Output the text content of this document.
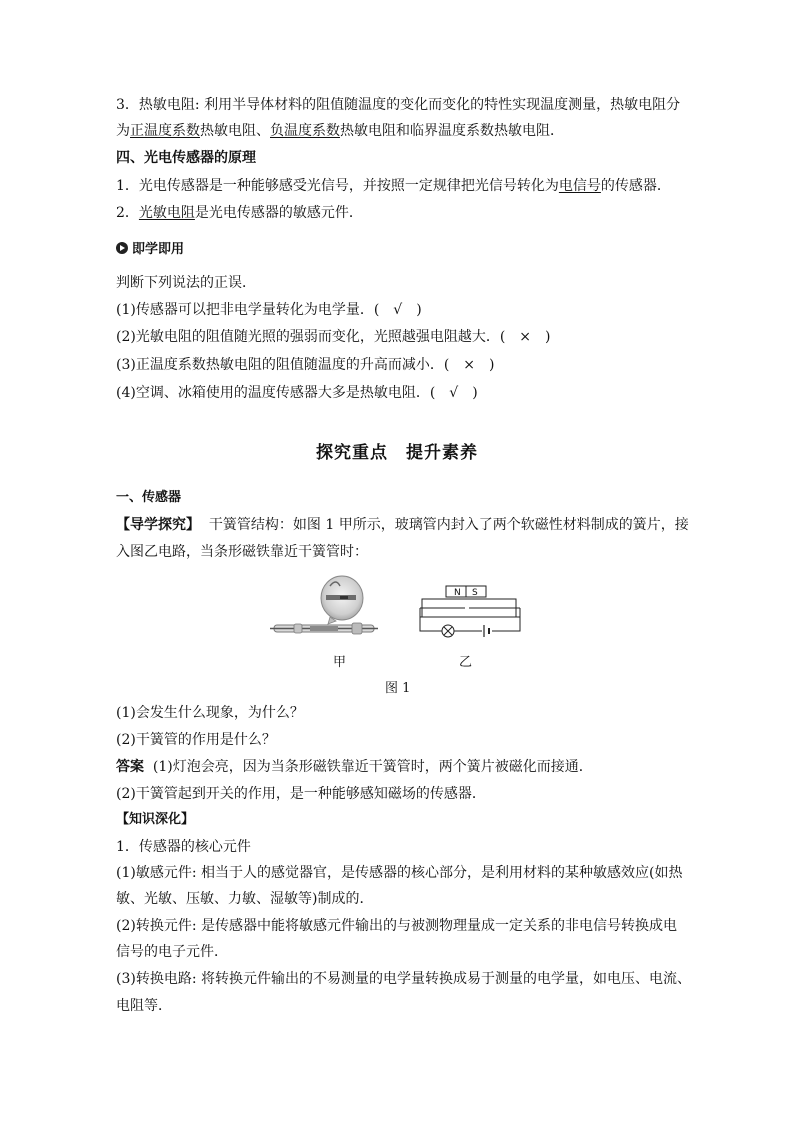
3．热敏电阻: 利用半导体材料的阻值随温度的变化而变化的特性实现温度测量，热敏电阻分
为正温度系数热敏电阻、负温度系数热敏电阻和临界温度系数热敏电阻．
四、光电传感器的原理
1．光电传感器是一种能够感受光信号，并按照一定规律把光信号转化为电信号的传感器．
2．光敏电阻是光电传感器的敏感元件．
即学即用
判断下列说法的正误．
(1)传感器可以把非电学量转化为电学量．( √ )
(2)光敏电阻的阻值随光照的强弱而变化，光照越强电阻越大．( × )
(3)正温度系数热敏电阻的阻值随温度的升高而减小．( × )
(4)空调、冰箱使用的温度传感器大多是热敏电阻．( √ )
探究重点　提升素养
一、传感器
【导学探究】 干簧管结构：如图 1 甲所示，玻璃管内封入了两个软磁性材料制成的簧片，接
入图乙电路，当条形磁铁靠近干簧管时：
N S
甲	乙
图 1
(1)会发生什么现象，为什么？
(2)干簧管的作用是什么？
答案 (1)灯泡会亮，因为当条形磁铁靠近干簧管时，两个簧片被磁化而接通．
(2)干簧管起到开关的作用，是一种能够感知磁场的传感器．
【知识深化】
1．传感器的核心元件
(1)敏感元件: 相当于人的感觉器官，是传感器的核心部分，是利用材料的某种敏感效应(如热
敏、光敏、压敏、力敏、湿敏等)制成的．
(2)转换元件: 是传感器中能将敏感元件输出的与被测物理量成一定关系的非电信号转换成电
信号的电子元件．
(3)转换电路: 将转换元件输出的不易测量的电学量转换成易于测量的电学量，如电压、电流、
电阻等．
